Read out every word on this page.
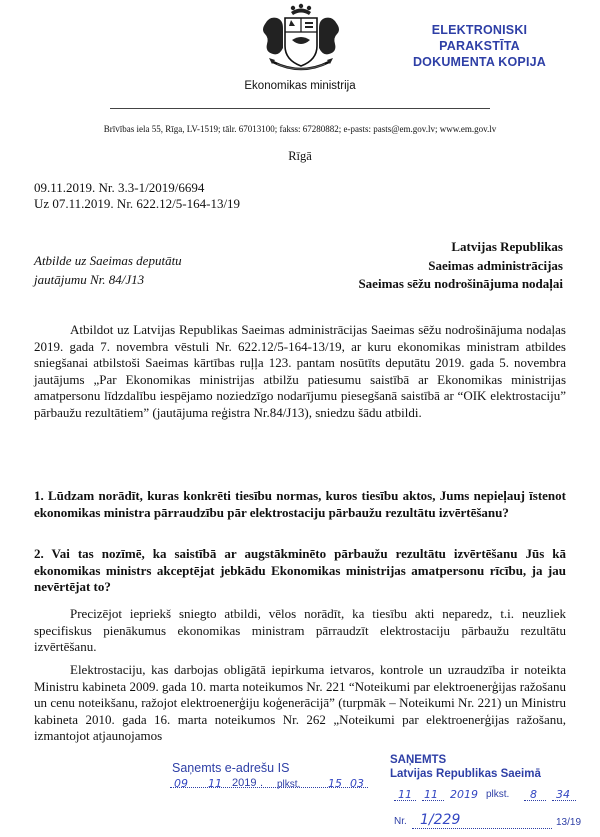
Ekonomikas ministrija
Brīvības iela 55, Rīga, LV-1519; tālr. 67013100; fakss: 67280882; e-pasts: pasts@em.gov.lv; www.em.gov.lv
ELEKTRONISKI PARAKSTĪTA
DOKUMENTA KOPIJA
Rīgā
09.11.2019. Nr. 3.3-1/2019/6694
Uz 07.11.2019. Nr. 622.12/5-164-13/19
Latvijas Republikas
Saeimas administrācijas
Saeimas sēžu nodrošinājuma nodaļai
Atbilde uz Saeimas deputātu
jautājumu Nr. 84/J13

Atbildot uz Latvijas Republikas Saeimas administrācijas Saeimas sēžu nodrošinājuma nodaļas 2019. gada 7. novembra vēstuli Nr. 622.12/5-164-13/19, ar kuru ekonomikas ministram atbildes sniegšanai atbilstoši Saeimas kārtības ruļļa 123. pantam nosūtīts deputātu 2019. gada 5. novembra jautājums „Par Ekonomikas ministrijas atbilžu patiesumu saistībā ar Ekonomikas ministrijas amatpersonu līdzdalību iespējamo noziedzīgo nodarījumu piesegšanā saistībā ar “OIK elektrostaciju” pārbaužu rezultātiem” (jautājuma reģistra Nr.84/J13), sniedzu šādu atbildi.

1. Lūdzam norādīt, kuras konkrēti tiesību normas, kuros tiesību aktos, Jums nepieļauj īstenot ekonomikas ministra pārraudzību pār elektrostaciju pārbaužu rezultātu izvērtēšanu?

2. Vai tas nozīmē, ka saistībā ar augstākminēto pārbaužu rezultātu izvērtēšanu Jūs kā ekonomikas ministrs akceptējat jebkādu Ekonomikas ministrijas amatpersonu rīcību, ja jau nevērtējat to?

Precizējot iepriekš sniegto atbildi, vēlos norādīt, ka tiesību akti neparedz, t.i. neuzliek specifiskus pienākumus ekonomikas ministram pārraudzīt elektrostaciju pārbaužu rezultātu izvērtēšanu.

Elektrostaciju, kas darbojas obligātā iepirkuma ietvaros, kontrole un uzraudzība ir noteikta Ministru kabineta 2009. gada 10. marta noteikumos Nr. 221 “Noteikumi par elektroenerģijas ražošanu un cenu noteikšanu, ražojot elektroenerģiju koģenerācijā” (turpmāk – Noteikumi Nr. 221) un Ministru kabineta 2010. gada 16. marta noteikumos Nr. 262 „Noteikumi par elektroenerģijas ražošanu, izmantojot atjaunojamos

Saņemts e-adrešu IS
09 11 2019 . plkst.	15 03
SAŅEMTS
Latvijas Republikas Saeimā
11 11 2019 plkst. 8 34
Nr. 1/229	13/19
